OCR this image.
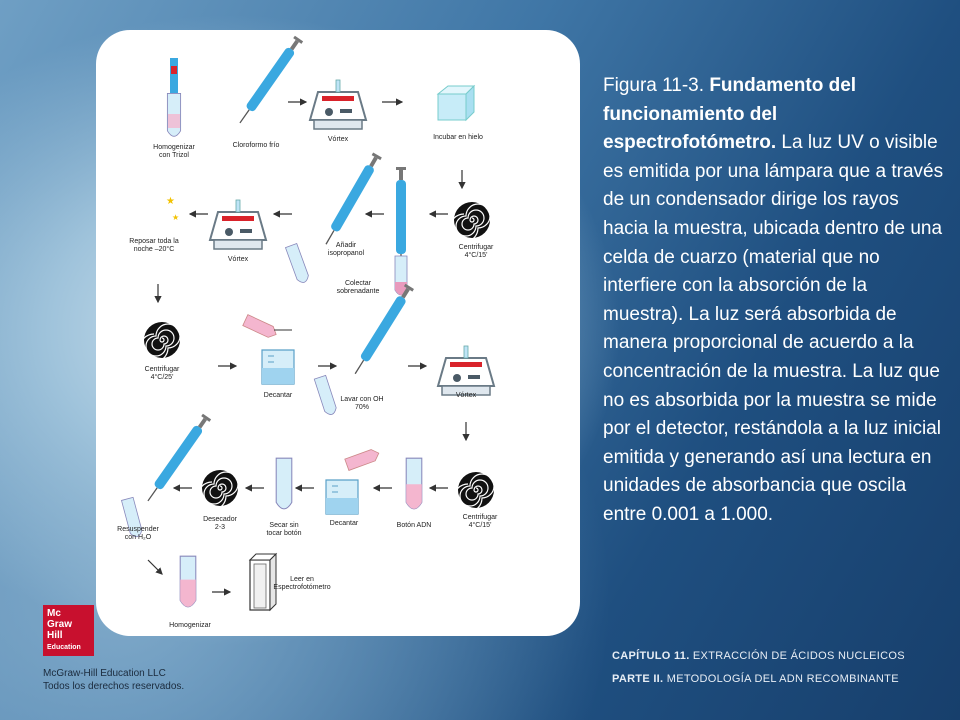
★
★
Homogenizar
con Trizol
Cloroformo frío
Vórtex	Incubar en hielo
Reposar toda la
noche –20°C
Vórtex
Añadir
isopropanol
Colectar
sobrenadante
Centrifugar
4°C/15'
Centrifugar
4°C/25'
Decantar
Lavar con OH
70%
Vórtex
Resuspender
con H₂O
Desecador
2-3	Secar sin
tocar botón
Decantar	Botón ADN
Centrifugar
4°C/15'
Homogenizar
Leer en
Espectrofotómetro
Figura 11-3. Fundamento del funcionamiento del espectrofotómetro. La luz UV o visible es emitida por una lámpara que a través de un condensador dirige los rayos hacia la muestra, ubicada dentro de una celda de cuarzo (material que no interfiere con la absorción de la muestra). La luz será absorbida de manera proporcional de acuerdo a la concentración de la muestra. La luz que no es absorbida por la muestra se mide por el detector, restándola a la luz inicial emitida y generando así una lectura en unidades de absorbancia que oscila entre 0.001 a 1.000.
CAPÍTULO 11. EXTRACCIÓN DE ÁCIDOS NUCLEICOS
PARTE II. METODOLOGÍA DEL ADN RECOMBINANTE
Mc
Graw
Hill
Education
McGraw-Hill Education LLC
Todos los derechos reservados.
